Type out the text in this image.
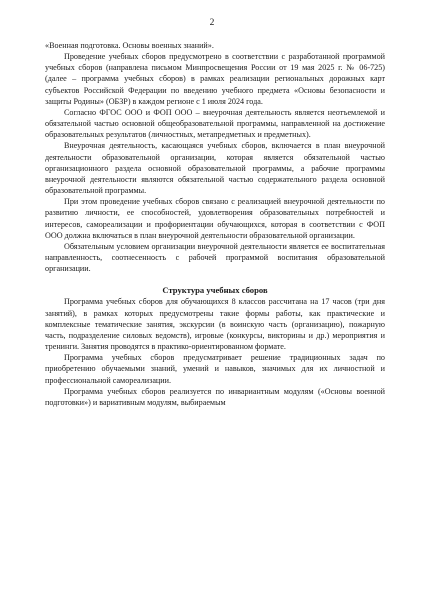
2

«Военная подготовка. Основы военных знаний».

Проведение учебных сборов предусмотрено в соответствии с разработанной программой учебных сборов (направлена письмом Минпросвещения России от 19 мая 2025 г. № 06-725) (далее – программа учебных сборов) в рамках реализации региональных дорожных карт субъектов Российской Федерации по введению учебного предмета «Основы безопасности и защиты Родины» (ОБЗР) в каждом регионе с 1 июля 2024 года.

Согласно ФГОС ООО и ФОП ООО – внеурочная деятельность является неотъемлемой и обязательной частью основной общеобразовательной программы, направленной на достижение образовательных результатов (личностных, метапредметных и предметных).

Внеурочная деятельность, касающаяся учебных сборов, включается в план внеурочной деятельности образовательной организации, которая является обязательной частью организационного раздела основной образовательной программы, а рабочие программы внеурочной деятельности являются обязательной частью содержательного раздела основной образовательной программы.

При этом проведение учебных сборов связано с реализацией внеурочной деятельности по развитию личности, ее способностей, удовлетворения образовательных потребностей и интересов, самореализации и профориентации обучающихся, которая в соответствии с ФОП ООО должна включаться в план внеурочной деятельности образовательной организации.

Обязательным условием организации внеурочной деятельности является ее воспитательная направленность, соотнесенность с рабочей программой воспитания образовательной организации.

Структура учебных сборов

Программа учебных сборов для обучающихся 8 классов рассчитана на 17 часов (три дня занятий), в рамках которых предусмотрены такие формы работы, как практические и комплексные тематические занятия, экскурсии (в воинскую часть (организацию), пожарную часть, подразделение силовых ведомств), игровые (конкурсы, викторины и др.) мероприятия и тренинги. Занятия проводятся в практико-ориентированном формате.

Программа учебных сборов предусматривает решение традиционных задач по приобретению обучаемыми знаний, умений и навыков, значимых для их личностной и профессиональной самореализации.

Программа учебных сборов реализуется по инвариантным модулям («Основы военной подготовки») и вариативным модулям, выбираемым
